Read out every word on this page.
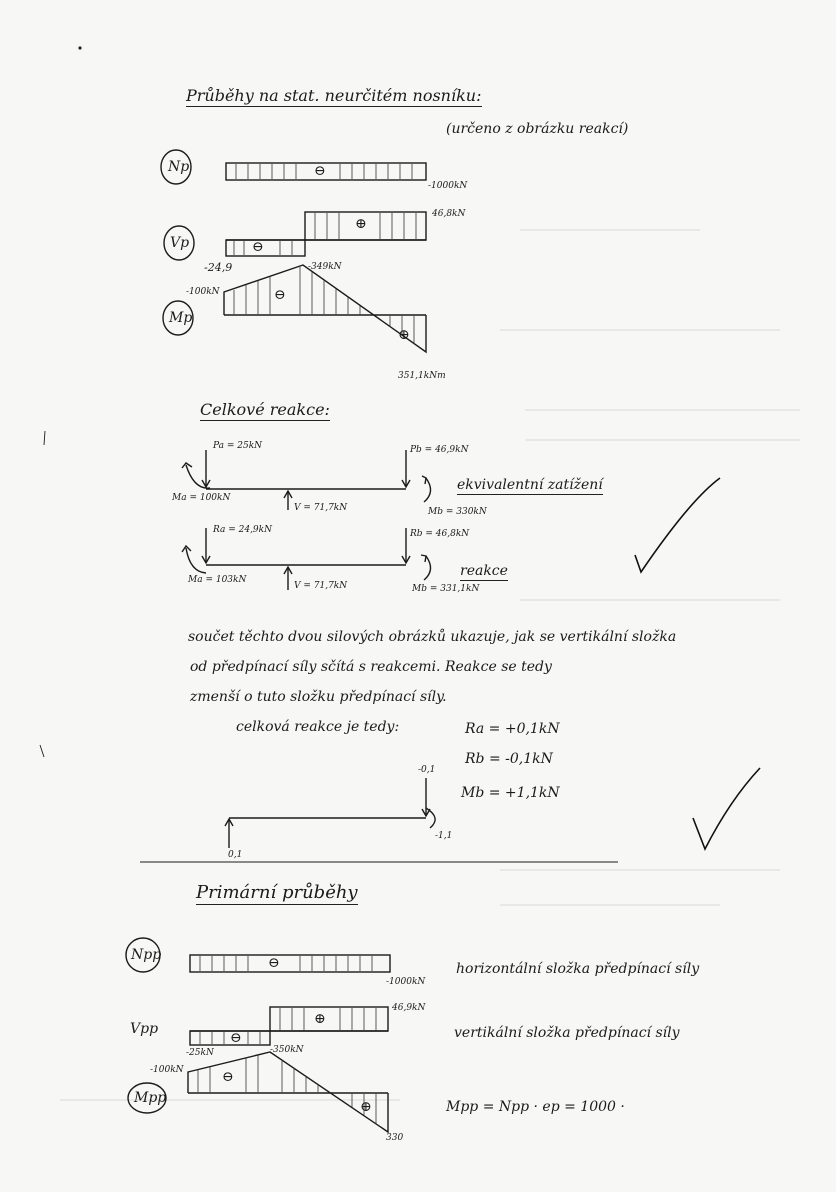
Průběhy na stat. neurčitém nosníku:
(určeno z obrázku reakcí)
Np	⊖
-1000kN
Vp
⊕
⊖
46,8kN
-24,9	-349kN
Mp
⊖
⊕
-100kN
351,1kNm
Celkové reakce:
Pa = 25kN	Pb = 46,9kN
Ma = 100kN
V = 71,7kN	Mb = 330kN
ekvivalentní zatížení
Ra = 24,9kN	Rb = 46,8kN
Ma = 103kN
V = 71,7kN	Mb = 331,1kN
reakce
součet těchto dvou silových obrázků ukazuje, jak se vertikální složka
od předpínací síly sčítá s reakcemi. Reakce se tedy
zmenší o tuto složku předpínací síly.
celková reakce je tedy:	Ra = +0,1kN
Rb = -0,1kN
Mb = +1,1kN
0,1
-0,1
-1,1
Primární průběhy
Npp	⊖
-1000kN
horizontální složka předpínací síly
Vpp
⊕
⊖
46,9kN
-25kN	-350kN
vertikální složka předpínací síly
Mpp
⊖
⊕
-100kN
330
Mpp = Npp · ep = 1000 ·
